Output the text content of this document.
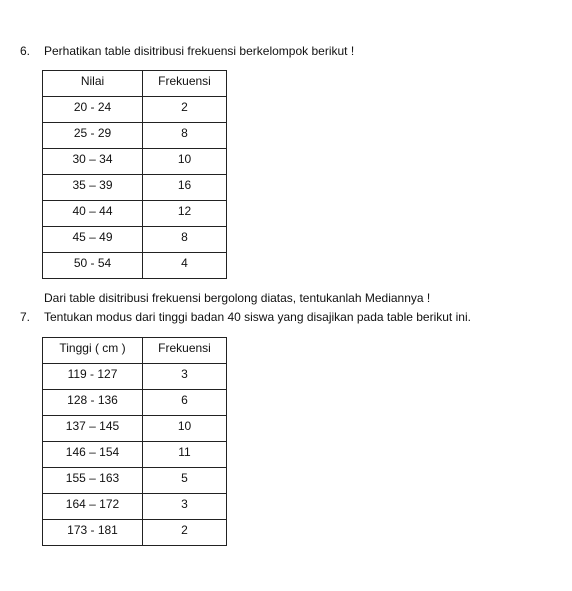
6. Perhatikan table disitribusi frekuensi berkelompok berikut !
Nilai	Frekuensi
20 - 24	2
25 - 29	8
30 – 34	10
35 – 39	16
40 – 44	12
45 – 49	8
50 - 54	4
Dari table disitribusi frekuensi bergolong diatas, tentukanlah Mediannya !
7. Tentukan modus dari tinggi badan 40 siswa yang disajikan pada table berikut ini.
Tinggi ( cm )	Frekuensi
119 - 127	3
128 - 136	6
137 – 145	10
146 – 154	11
155 – 163	5
164 – 172	3
173 - 181	2
